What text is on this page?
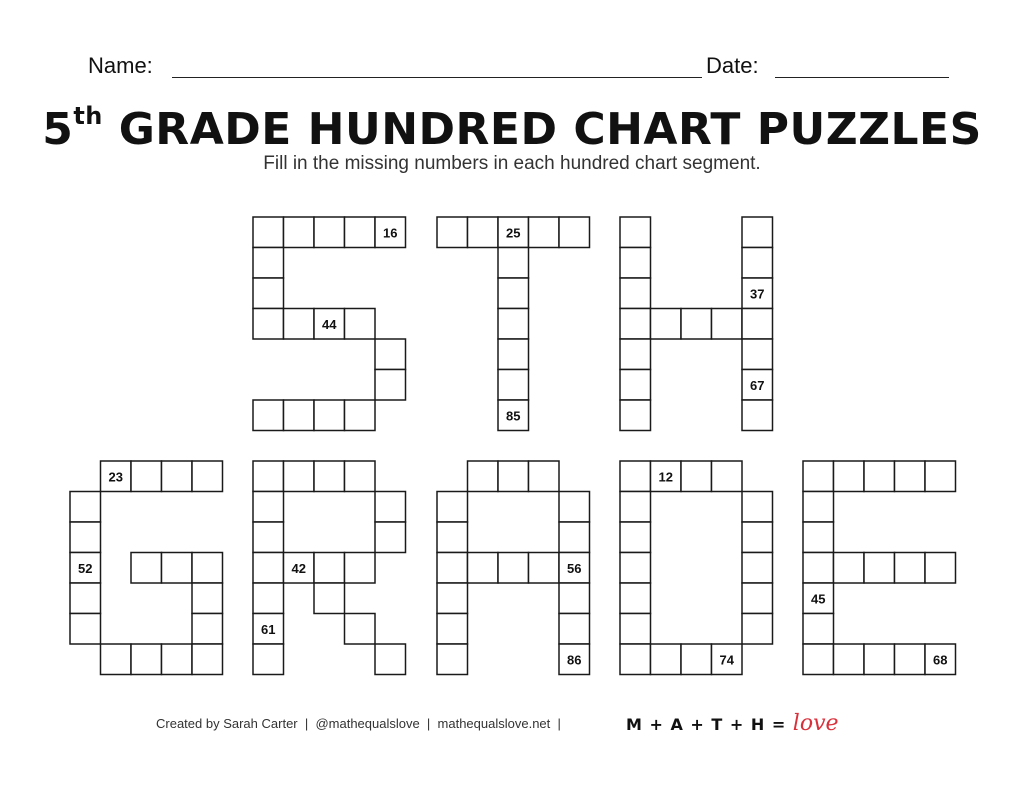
Name:	Date:
5th GRADE HUNDRED CHART PUZZLES
Fill in the missing numbers in each hundred chart segment.
16
44
25
85
37
67
23
52	42
61
56
86
12
74
45
68
Created by Sarah Carter  |  @mathequalslove  |  mathequalslove.net  |	M + A + T + H = love
